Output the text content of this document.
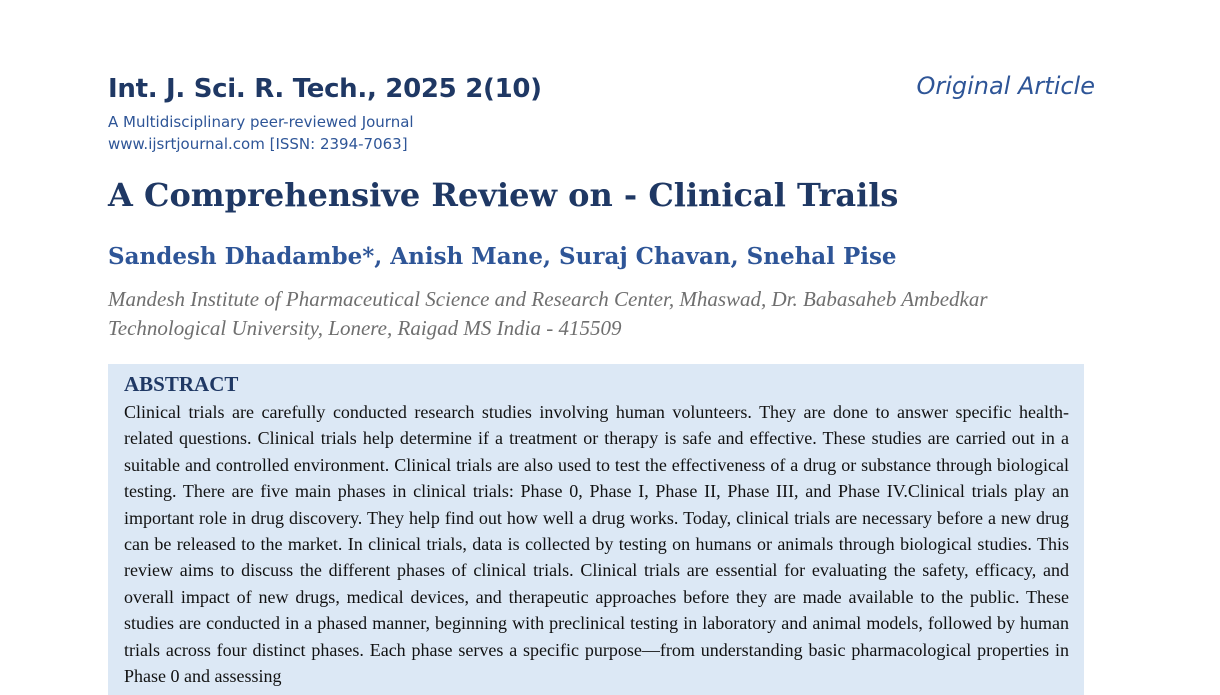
Int. J. Sci. R. Tech., 2025 2(10)
A Multidisciplinary peer-reviewed Journal
www.ijsrtjournal.com [ISSN: 2394-7063]
Original Article
A Comprehensive Review on - Clinical Trails
Sandesh Dhadambe*, Anish Mane, Suraj Chavan, Snehal Pise
Mandesh Institute of Pharmaceutical Science and Research Center, Mhaswad, Dr. Babasaheb Ambedkar Technological University, Lonere, Raigad MS India - 415509
ABSTRACT
Clinical trials are carefully conducted research studies involving human volunteers. They are done to answer specific health-related questions. Clinical trials help determine if a treatment or therapy is safe and effective. These studies are carried out in a suitable and controlled environment. Clinical trials are also used to test the effectiveness of a drug or substance through biological testing. There are five main phases in clinical trials: Phase 0, Phase I, Phase II, Phase III, and Phase IV.Clinical trials play an important role in drug discovery. They help find out how well a drug works. Today, clinical trials are necessary before a new drug can be released to the market. In clinical trials, data is collected by testing on humans or animals through biological studies. This review aims to discuss the different phases of clinical trials. Clinical trials are essential for evaluating the safety, efficacy, and overall impact of new drugs, medical devices, and therapeutic approaches before they are made available to the public. These studies are conducted in a phased manner, beginning with preclinical testing in laboratory and animal models, followed by human trials across four distinct phases. Each phase serves a specific purpose—from understanding basic pharmacological properties in Phase 0 and assessing
